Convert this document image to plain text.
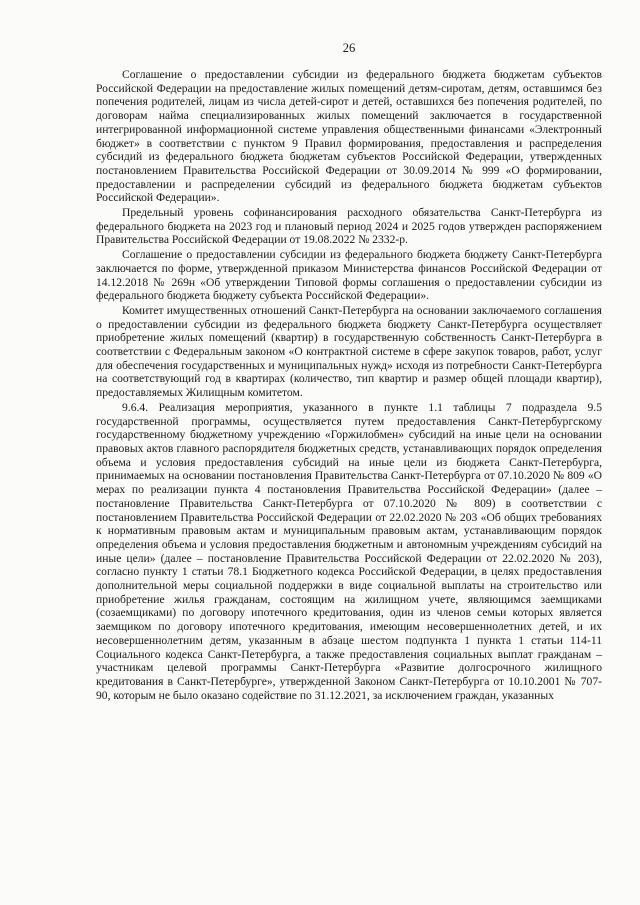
26

Соглашение о предоставлении субсидии из федерального бюджета бюджетам субъектов Российской Федерации на предоставление жилых помещений детям-сиротам, детям, оставшимся без попечения родителей, лицам из числа детей-сирот и детей, оставшихся без попечения родителей, по договорам найма специализированных жилых помещений заключается в государственной интегрированной информационной системе управления общественными финансами «Электронный бюджет» в соответствии с пунктом 9 Правил формирования, предоставления и распределения субсидий из федерального бюджета бюджетам субъектов Российской Федерации, утвержденных постановлением Правительства Российской Федерации от 30.09.2014 № 999 «О формировании, предоставлении и распределении субсидий из федерального бюджета бюджетам субъектов Российской Федерации».

Предельный уровень софинансирования расходного обязательства Санкт-Петербурга из федерального бюджета на 2023 год и плановый период 2024 и 2025 годов утвержден распоряжением Правительства Российской Федерации от 19.08.2022 № 2332-р.

Соглашение о предоставлении субсидии из федерального бюджета бюджету Санкт-Петербурга заключается по форме, утвержденной приказом Министерства финансов Российской Федерации от 14.12.2018 № 269н «Об утверждении Типовой формы соглашения о предоставлении субсидии из федерального бюджета бюджету субъекта Российской Федерации».

Комитет имущественных отношений Санкт-Петербурга на основании заключаемого соглашения о предоставлении субсидии из федерального бюджета бюджету Санкт-Петербурга осуществляет приобретение жилых помещений (квартир) в государственную собственность Санкт-Петербурга в соответствии с Федеральным законом «О контрактной системе в сфере закупок товаров, работ, услуг для обеспечения государственных и муниципальных нужд» исходя из потребности Санкт-Петербурга на соответствующий год в квартирах (количество, тип квартир и размер общей площади квартир), предоставляемых Жилищным комитетом.

9.6.4. Реализация мероприятия, указанного в пункте 1.1 таблицы 7 подраздела 9.5 государственной программы, осуществляется путем предоставления Санкт-Петербургскому государственному бюджетному учреждению «Горжилобмен» субсидий на иные цели на основании правовых актов главного распорядителя бюджетных средств, устанавливающих порядок определения объема и условия предоставления субсидий на иные цели из бюджета Санкт-Петербурга, принимаемых на основании постановления Правительства Санкт-Петербурга от 07.10.2020 № 809 «О мерах по реализации пункта 4 постановления Правительства Российской Федерации» (далее – постановление Правительства Санкт-Петербурга от 07.10.2020 № 809) в соответствии с постановлением Правительства Российской Федерации от 22.02.2020 № 203 «Об общих требованиях к нормативным правовым актам и муниципальным правовым актам, устанавливающим порядок определения объема и условия предоставления бюджетным и автономным учреждениям субсидий на иные цели» (далее – постановление Правительства Российской Федерации от 22.02.2020 № 203), согласно пункту 1 статьи 78.1 Бюджетного кодекса Российской Федерации, в целях предоставления дополнительной меры социальной поддержки в виде социальной выплаты на строительство или приобретение жилья гражданам, состоящим на жилищном учете, являющимся заемщиками (созаемщиками) по договору ипотечного кредитования, один из членов семьи которых является заемщиком по договору ипотечного кредитования, имеющим несовершеннолетних детей, и их несовершеннолетним детям, указанным в абзаце шестом подпункта 1 пункта 1 статьи 114-11 Социального кодекса Санкт-Петербурга, а также предоставления социальных выплат гражданам – участникам целевой программы Санкт-Петербурга «Развитие долгосрочного жилищного кредитования в Санкт-Петербурге», утвержденной Законом Санкт-Петербурга от 10.10.2001 № 707-90, которым не было оказано содействие по 31.12.2021, за исключением граждан, указанных
